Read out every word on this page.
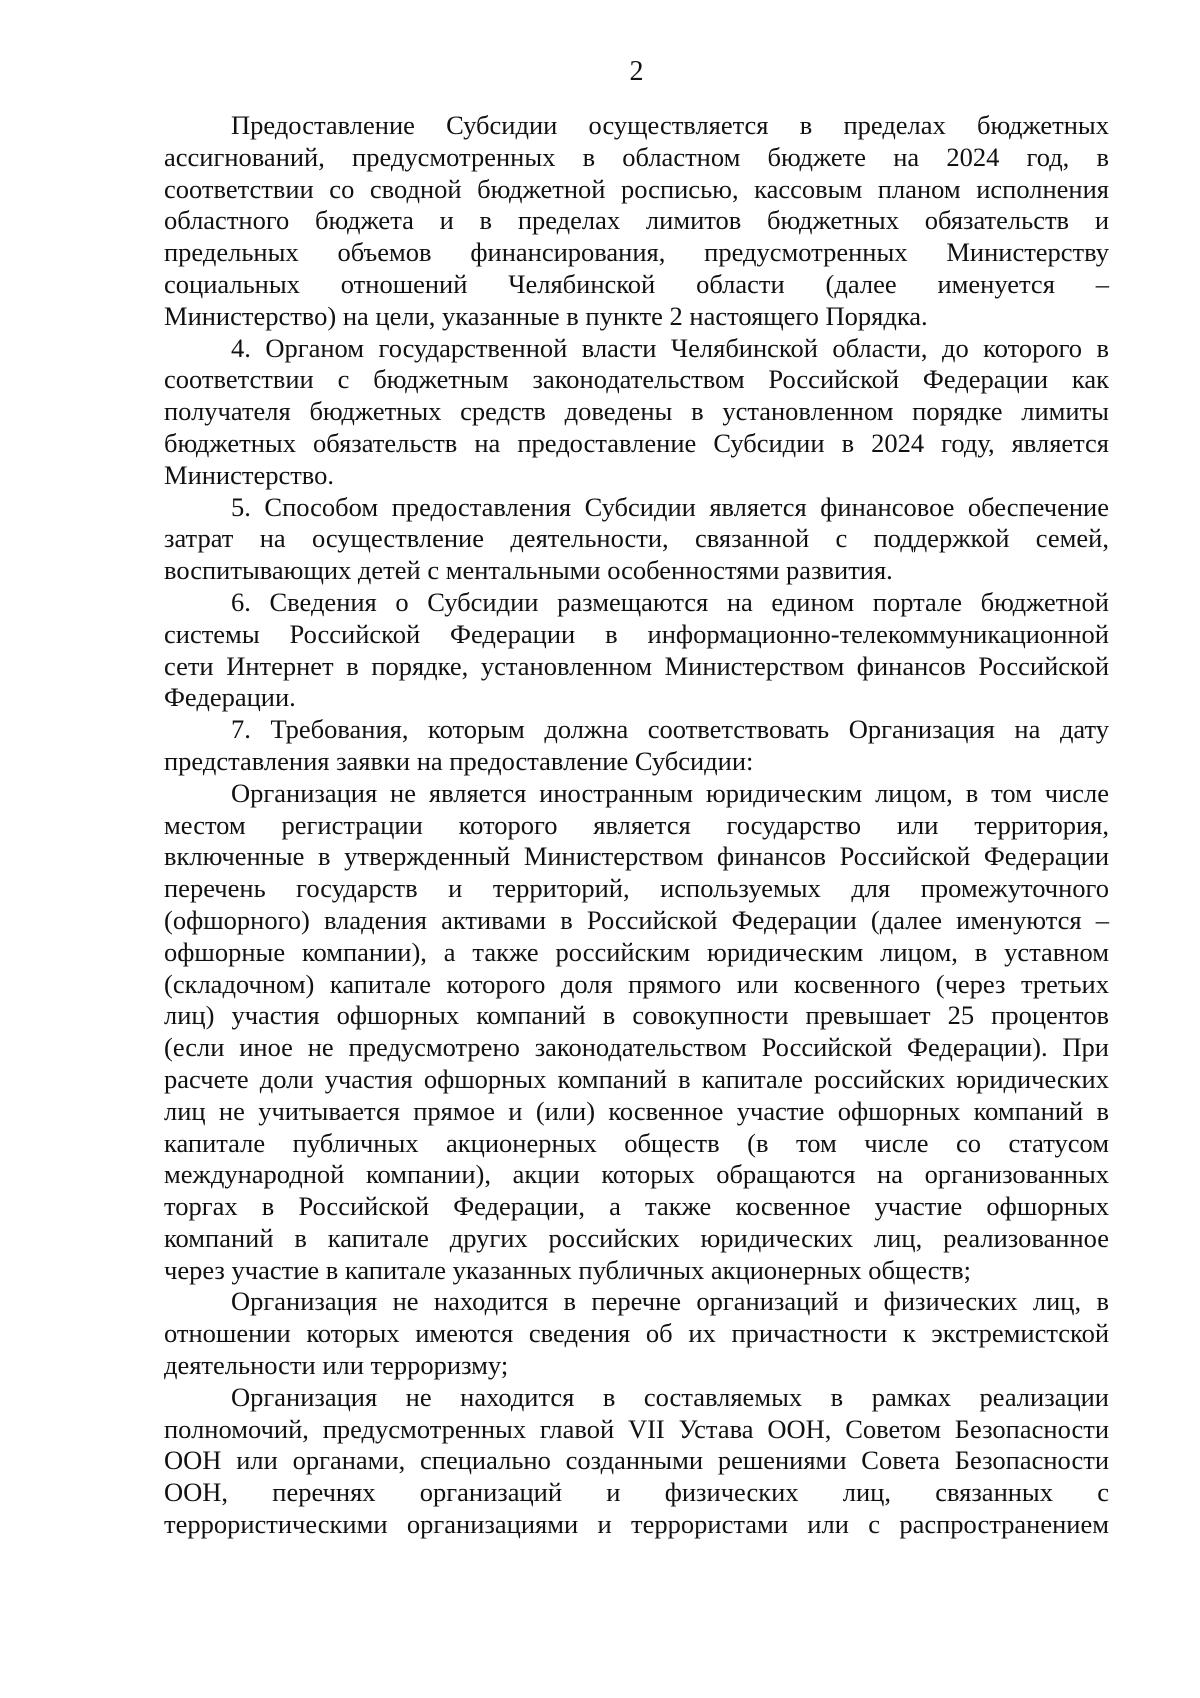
2
Предоставление Субсидии осуществляется в пределах бюджетных
ассигнований, предусмотренных в областном бюджете на 2024 год, в
соответствии со сводной бюджетной росписью, кассовым планом исполнения
областного бюджета и в пределах лимитов бюджетных обязательств и
предельных объемов финансирования, предусмотренных Министерству
социальных отношений Челябинской области (далее именуется –
Министерство) на цели, указанные в пункте 2 настоящего Порядка.
4. Органом государственной власти Челябинской области, до которого в
соответствии с бюджетным законодательством Российской Федерации как
получателя бюджетных средств доведены в установленном порядке лимиты
бюджетных обязательств на предоставление Субсидии в 2024 году, является
Министерство.
5. Способом предоставления Субсидии является финансовое обеспечение
затрат на осуществление деятельности, связанной с поддержкой семей,
воспитывающих детей с ментальными особенностями развития.
6. Сведения о Субсидии размещаются на едином портале бюджетной
системы Российской Федерации в информационно-телекоммуникационной
сети Интернет в порядке, установленном Министерством финансов Российской
Федерации.
7. Требования, которым должна соответствовать Организация на дату
представления заявки на предоставление Субсидии:
Организация не является иностранным юридическим лицом, в том числе
местом регистрации которого является государство или территория,
включенные в утвержденный Министерством финансов Российской Федерации
перечень государств и территорий, используемых для промежуточного
(офшорного) владения активами в Российской Федерации (далее именуются –
офшорные компании), а также российским юридическим лицом, в уставном
(складочном) капитале которого доля прямого или косвенного (через третьих
лиц) участия офшорных компаний в совокупности превышает 25 процентов
(если иное не предусмотрено законодательством Российской Федерации). При
расчете доли участия офшорных компаний в капитале российских юридических
лиц не учитывается прямое и (или) косвенное участие офшорных компаний в
капитале публичных акционерных обществ (в том числе со статусом
международной компании), акции которых обращаются на организованных
торгах в Российской Федерации, а также косвенное участие офшорных
компаний в капитале других российских юридических лиц, реализованное
через участие в капитале указанных публичных акционерных обществ;
Организация не находится в перечне организаций и физических лиц, в
отношении которых имеются сведения об их причастности к экстремистской
деятельности или терроризму;
Организация не находится в составляемых в рамках реализации
полномочий, предусмотренных главой VII Устава ООН, Советом Безопасности
ООН или органами, специально созданными решениями Совета Безопасности
ООН, перечнях организаций и физических лиц, связанных с
террористическими организациями и террористами или с распространением
